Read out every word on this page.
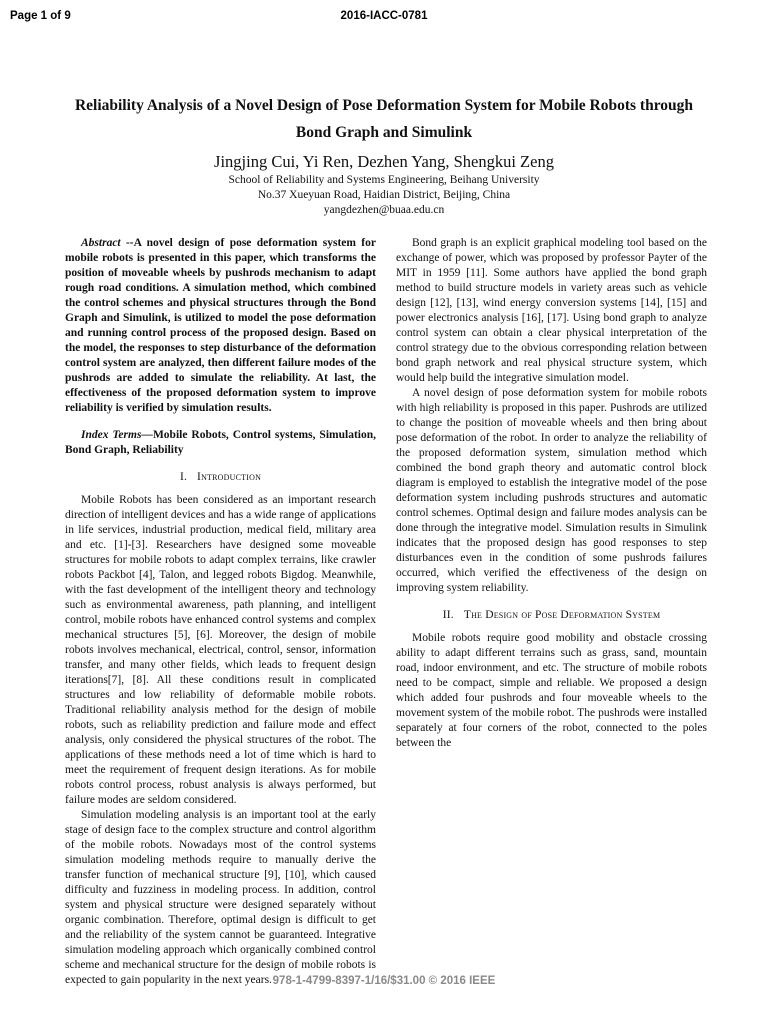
Page 1 of 9	2016-IACC-0781
Reliability Analysis of a Novel Design of Pose Deformation System for Mobile Robots through Bond Graph and Simulink
Jingjing Cui, Yi Ren, Dezhen Yang, Shengkui Zeng
School of Reliability and Systems Engineering, Beihang University
No.37 Xueyuan Road, Haidian District, Beijing, China
yangdezhen@buaa.edu.cn

Abstract --A novel design of pose deformation system for mobile robots is presented in this paper, which transforms the position of moveable wheels by pushrods mechanism to adapt rough road conditions. A simulation method, which combined the control schemes and physical structures through the Bond Graph and Simulink, is utilized to model the pose deformation and running control process of the proposed design. Based on the model, the responses to step disturbance of the deformation control system are analyzed, then different failure modes of the pushrods are added to simulate the reliability. At last, the effectiveness of the proposed deformation system to improve reliability is verified by simulation results.

Index Terms—Mobile Robots, Control systems, Simulation, Bond Graph, Reliability

I. Introduction

Mobile Robots has been considered as an important research direction of intelligent devices and has a wide range of applications in life services, industrial production, medical field, military area and etc. [1]-[3]. Researchers have designed some moveable structures for mobile robots to adapt complex terrains, like crawler robots Packbot [4], Talon, and legged robots Bigdog. Meanwhile, with the fast development of the intelligent theory and technology such as environmental awareness, path planning, and intelligent control, mobile robots have enhanced control systems and complex mechanical structures [5], [6]. Moreover, the design of mobile robots involves mechanical, electrical, control, sensor, information transfer, and many other fields, which leads to frequent design iterations[7], [8]. All these conditions result in complicated structures and low reliability of deformable mobile robots. Traditional reliability analysis method for the design of mobile robots, such as reliability prediction and failure mode and effect analysis, only considered the physical structures of the robot. The applications of these methods need a lot of time which is hard to meet the requirement of frequent design iterations. As for mobile robots control process, robust analysis is always performed, but failure modes are seldom considered.

Simulation modeling analysis is an important tool at the early stage of design face to the complex structure and control algorithm of the mobile robots. Nowadays most of the control systems simulation modeling methods require to manually derive the transfer function of mechanical structure [9], [10], which caused difficulty and fuzziness in modeling process. In addition, control system and physical structure were designed separately without organic combination. Therefore, optimal design is difficult to get and the reliability of the system cannot be guaranteed. Integrative simulation modeling approach which organically combined control scheme and mechanical structure for the design of mobile robots is expected to gain popularity in the next years.

Bond graph is an explicit graphical modeling tool based on the exchange of power, which was proposed by professor Payter of the MIT in 1959 [11]. Some authors have applied the bond graph method to build structure models in variety areas such as vehicle design [12], [13], wind energy conversion systems [14], [15] and power electronics analysis [16], [17]. Using bond graph to analyze control system can obtain a clear physical interpretation of the control strategy due to the obvious corresponding relation between bond graph network and real physical structure system, which would help build the integrative simulation model.

A novel design of pose deformation system for mobile robots with high reliability is proposed in this paper. Pushrods are utilized to change the position of moveable wheels and then bring about pose deformation of the robot. In order to analyze the reliability of the proposed deformation system, simulation method which combined the bond graph theory and automatic control block diagram is employed to establish the integrative model of the pose deformation system including pushrods structures and automatic control schemes. Optimal design and failure modes analysis can be done through the integrative model. Simulation results in Simulink indicates that the proposed design has good responses to step disturbances even in the condition of some pushrods failures occurred, which verified the effectiveness of the design on improving system reliability.

II. The Design of Pose Deformation System

Mobile robots require good mobility and obstacle crossing ability to adapt different terrains such as grass, sand, mountain road, indoor environment, and etc. The structure of mobile robots need to be compact, simple and reliable. We proposed a design which added four pushrods and four moveable wheels to the movement system of the mobile robot. The pushrods were installed separately at four corners of the robot, connected to the poles between the

978-1-4799-8397-1/16/$31.00 © 2016 IEEE
